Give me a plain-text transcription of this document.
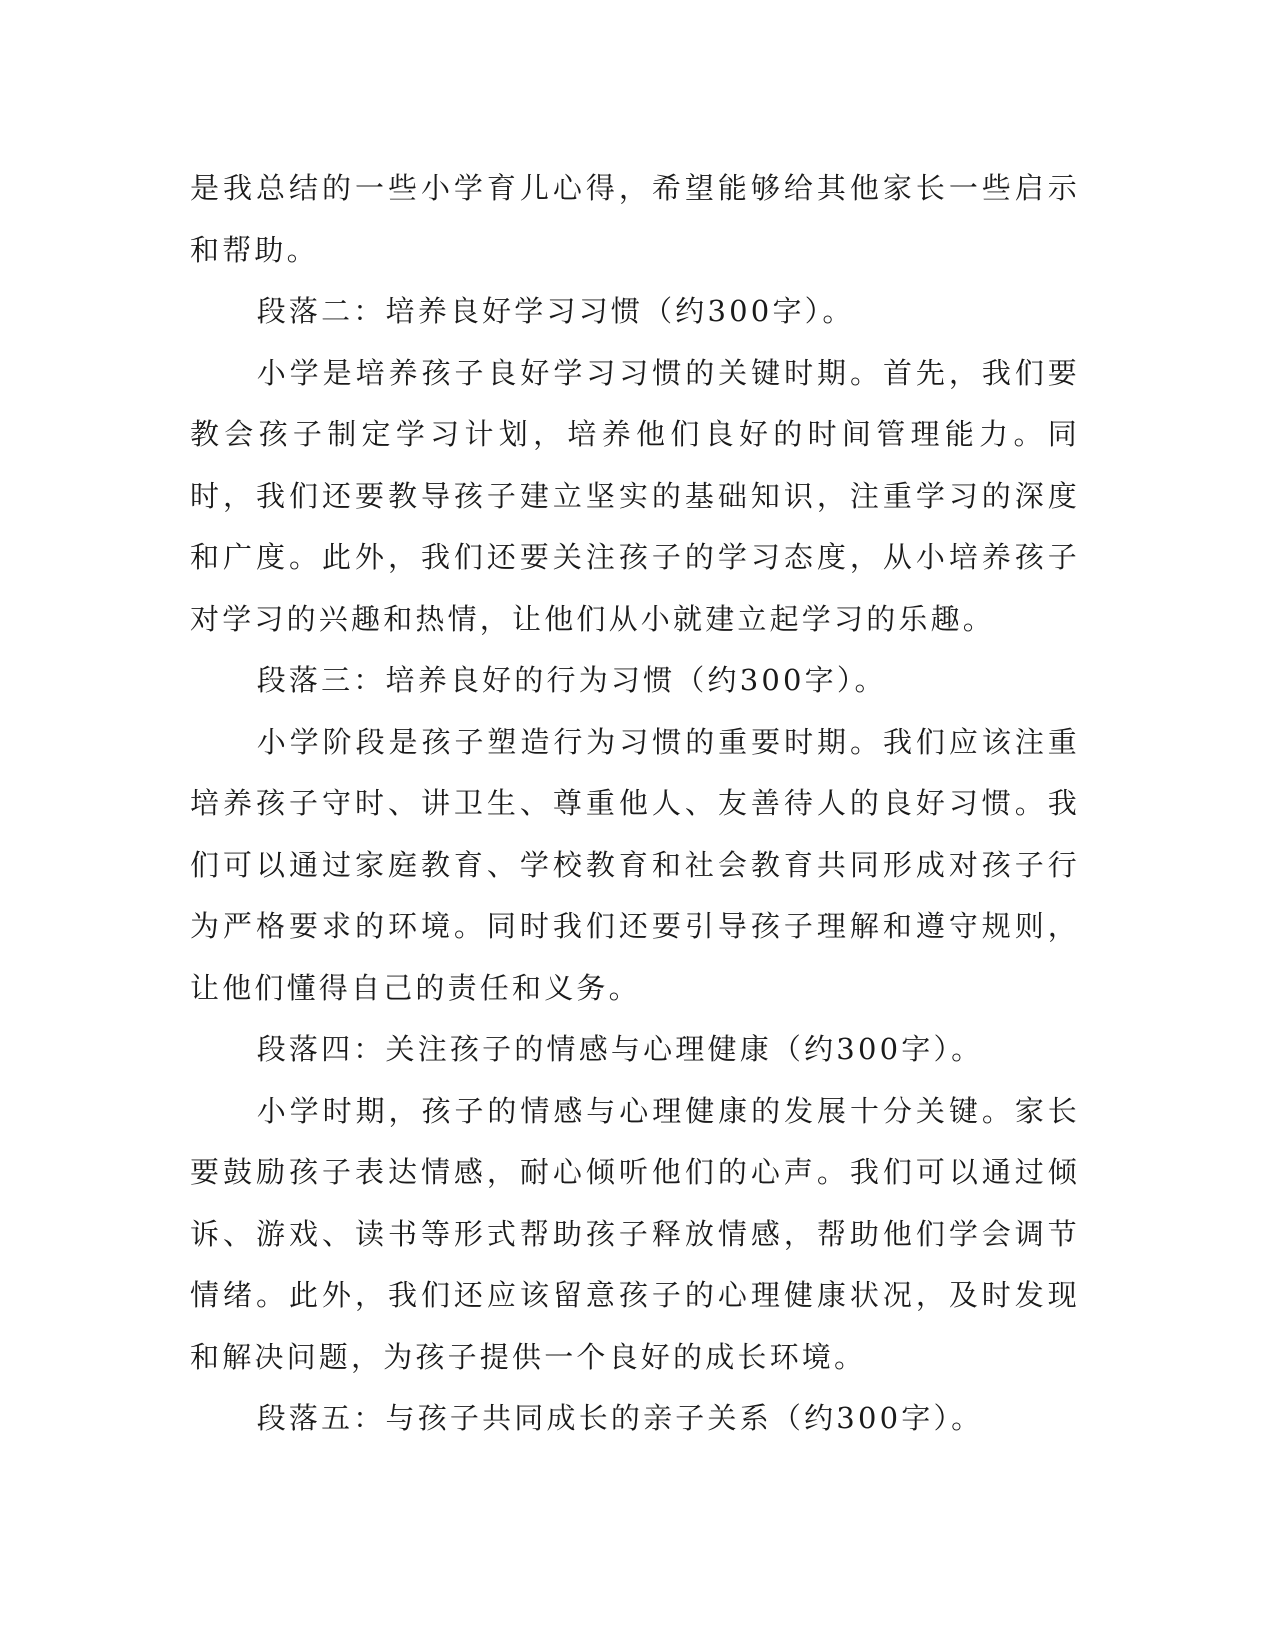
是我总结的一些小学育儿心得，希望能够给其他家长一些启示和帮助。

段落二：培养良好学习习惯（约300字）。

小学是培养孩子良好学习习惯的关键时期。首先，我们要教会孩子制定学习计划，培养他们良好的时间管理能力。同时，我们还要教导孩子建立坚实的基础知识，注重学习的深度和广度。此外，我们还要关注孩子的学习态度，从小培养孩子对学习的兴趣和热情，让他们从小就建立起学习的乐趣。

段落三：培养良好的行为习惯（约300字）。

小学阶段是孩子塑造行为习惯的重要时期。我们应该注重培养孩子守时、讲卫生、尊重他人、友善待人的良好习惯。我们可以通过家庭教育、学校教育和社会教育共同形成对孩子行为严格要求的环境。同时我们还要引导孩子理解和遵守规则，让他们懂得自己的责任和义务。

段落四：关注孩子的情感与心理健康（约300字）。

小学时期，孩子的情感与心理健康的发展十分关键。家长要鼓励孩子表达情感，耐心倾听他们的心声。我们可以通过倾诉、游戏、读书等形式帮助孩子释放情感，帮助他们学会调节情绪。此外，我们还应该留意孩子的心理健康状况，及时发现和解决问题，为孩子提供一个良好的成长环境。

段落五：与孩子共同成长的亲子关系（约300字）。
